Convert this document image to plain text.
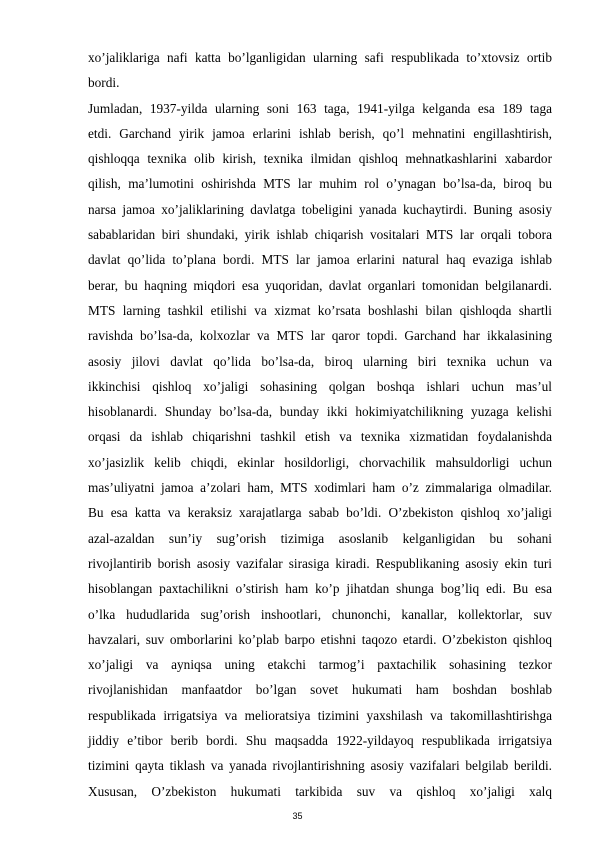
xo’jaliklariga nafi katta bo’lganligidan ularning safi respublikada to’xtovsiz ortib
bordi.
Jumladan, 1937-yilda ularning soni 163 taga, 1941-yilga kelganda esa 189 taga
etdi. Garchand yirik jamoa erlarini ishlab berish, qo’l mehnatini engillashtirish,
qishloqqa texnika olib kirish, texnika ilmidan qishloq mehnatkashlarini xabardor
qilish, ma’lumotini oshirishda MTS lar muhim rol o’ynagan bo’lsa-da, biroq bu
narsa jamoa xo’jaliklarining davlatga tobeligini yanada kuchaytirdi. Buning asosiy
sabablaridan biri shundaki, yirik ishlab chiqarish vositalari MTS lar orqali tobora
davlat qo’lida to’plana bordi. MTS lar jamoa erlarini natural haq evaziga ishlab
berar, bu haqning miqdori esa yuqoridan, davlat organlari tomonidan belgilanardi.
MTS larning tashkil etilishi va xizmat ko’rsata boshlashi bilan qishloqda shartli
ravishda bo’lsa-da, kolxozlar va MTS lar qaror topdi. Garchand har ikkalasining
asosiy jilovi davlat qo’lida bo’lsa-da, biroq ularning biri texnika uchun va
ikkinchisi qishloq xo’jaligi sohasining qolgan boshqa ishlari uchun mas’ul
hisoblanardi. Shunday bo’lsa-da, bunday ikki hokimiyatchilikning yuzaga kelishi
orqasi da ishlab chiqarishni tashkil etish va texnika xizmatidan foydalanishda
xo’jasizlik kelib chiqdi, ekinlar hosildorligi, chorvachilik mahsuldorligi uchun
mas’uliyatni jamoa a’zolari ham, MTS xodimlari ham o’z zimmalariga olmadilar.
Bu esa katta va keraksiz xarajatlarga sabab bo’ldi. O’zbekiston qishloq xo’jaligi
azal-azaldan sun’iy sug’orish tizimiga asoslanib kelganligidan bu sohani
rivojlantirib borish asosiy vazifalar sirasiga kiradi. Respublikaning asosiy ekin turi
hisoblangan paxtachilikni o’stirish ham ko’p jihatdan shunga bog’liq edi. Bu esa
o’lka hududlarida sug’orish inshootlari, chunonchi, kanallar, kollektorlar, suv
havzalari, suv omborlarini ko’plab barpo etishni taqozo etardi. O’zbekiston qishloq
xo’jaligi va ayniqsa uning etakchi tarmog’i paxtachilik sohasining tezkor
rivojlanishidan manfaatdor bo’lgan sovet hukumati ham boshdan boshlab
respublikada irrigatsiya va melioratsiya tizimini yaxshilash va takomillashtirishga
jiddiy e’tibor berib bordi. Shu maqsadda 1922-yildayoq respublikada irrigatsiya
tizimini qayta tiklash va yanada rivojlantirishning asosiy vazifalari belgilab berildi.
Xususan, O’zbekiston hukumati tarkibida suv va qishloq xo’jaligi xalq
35
